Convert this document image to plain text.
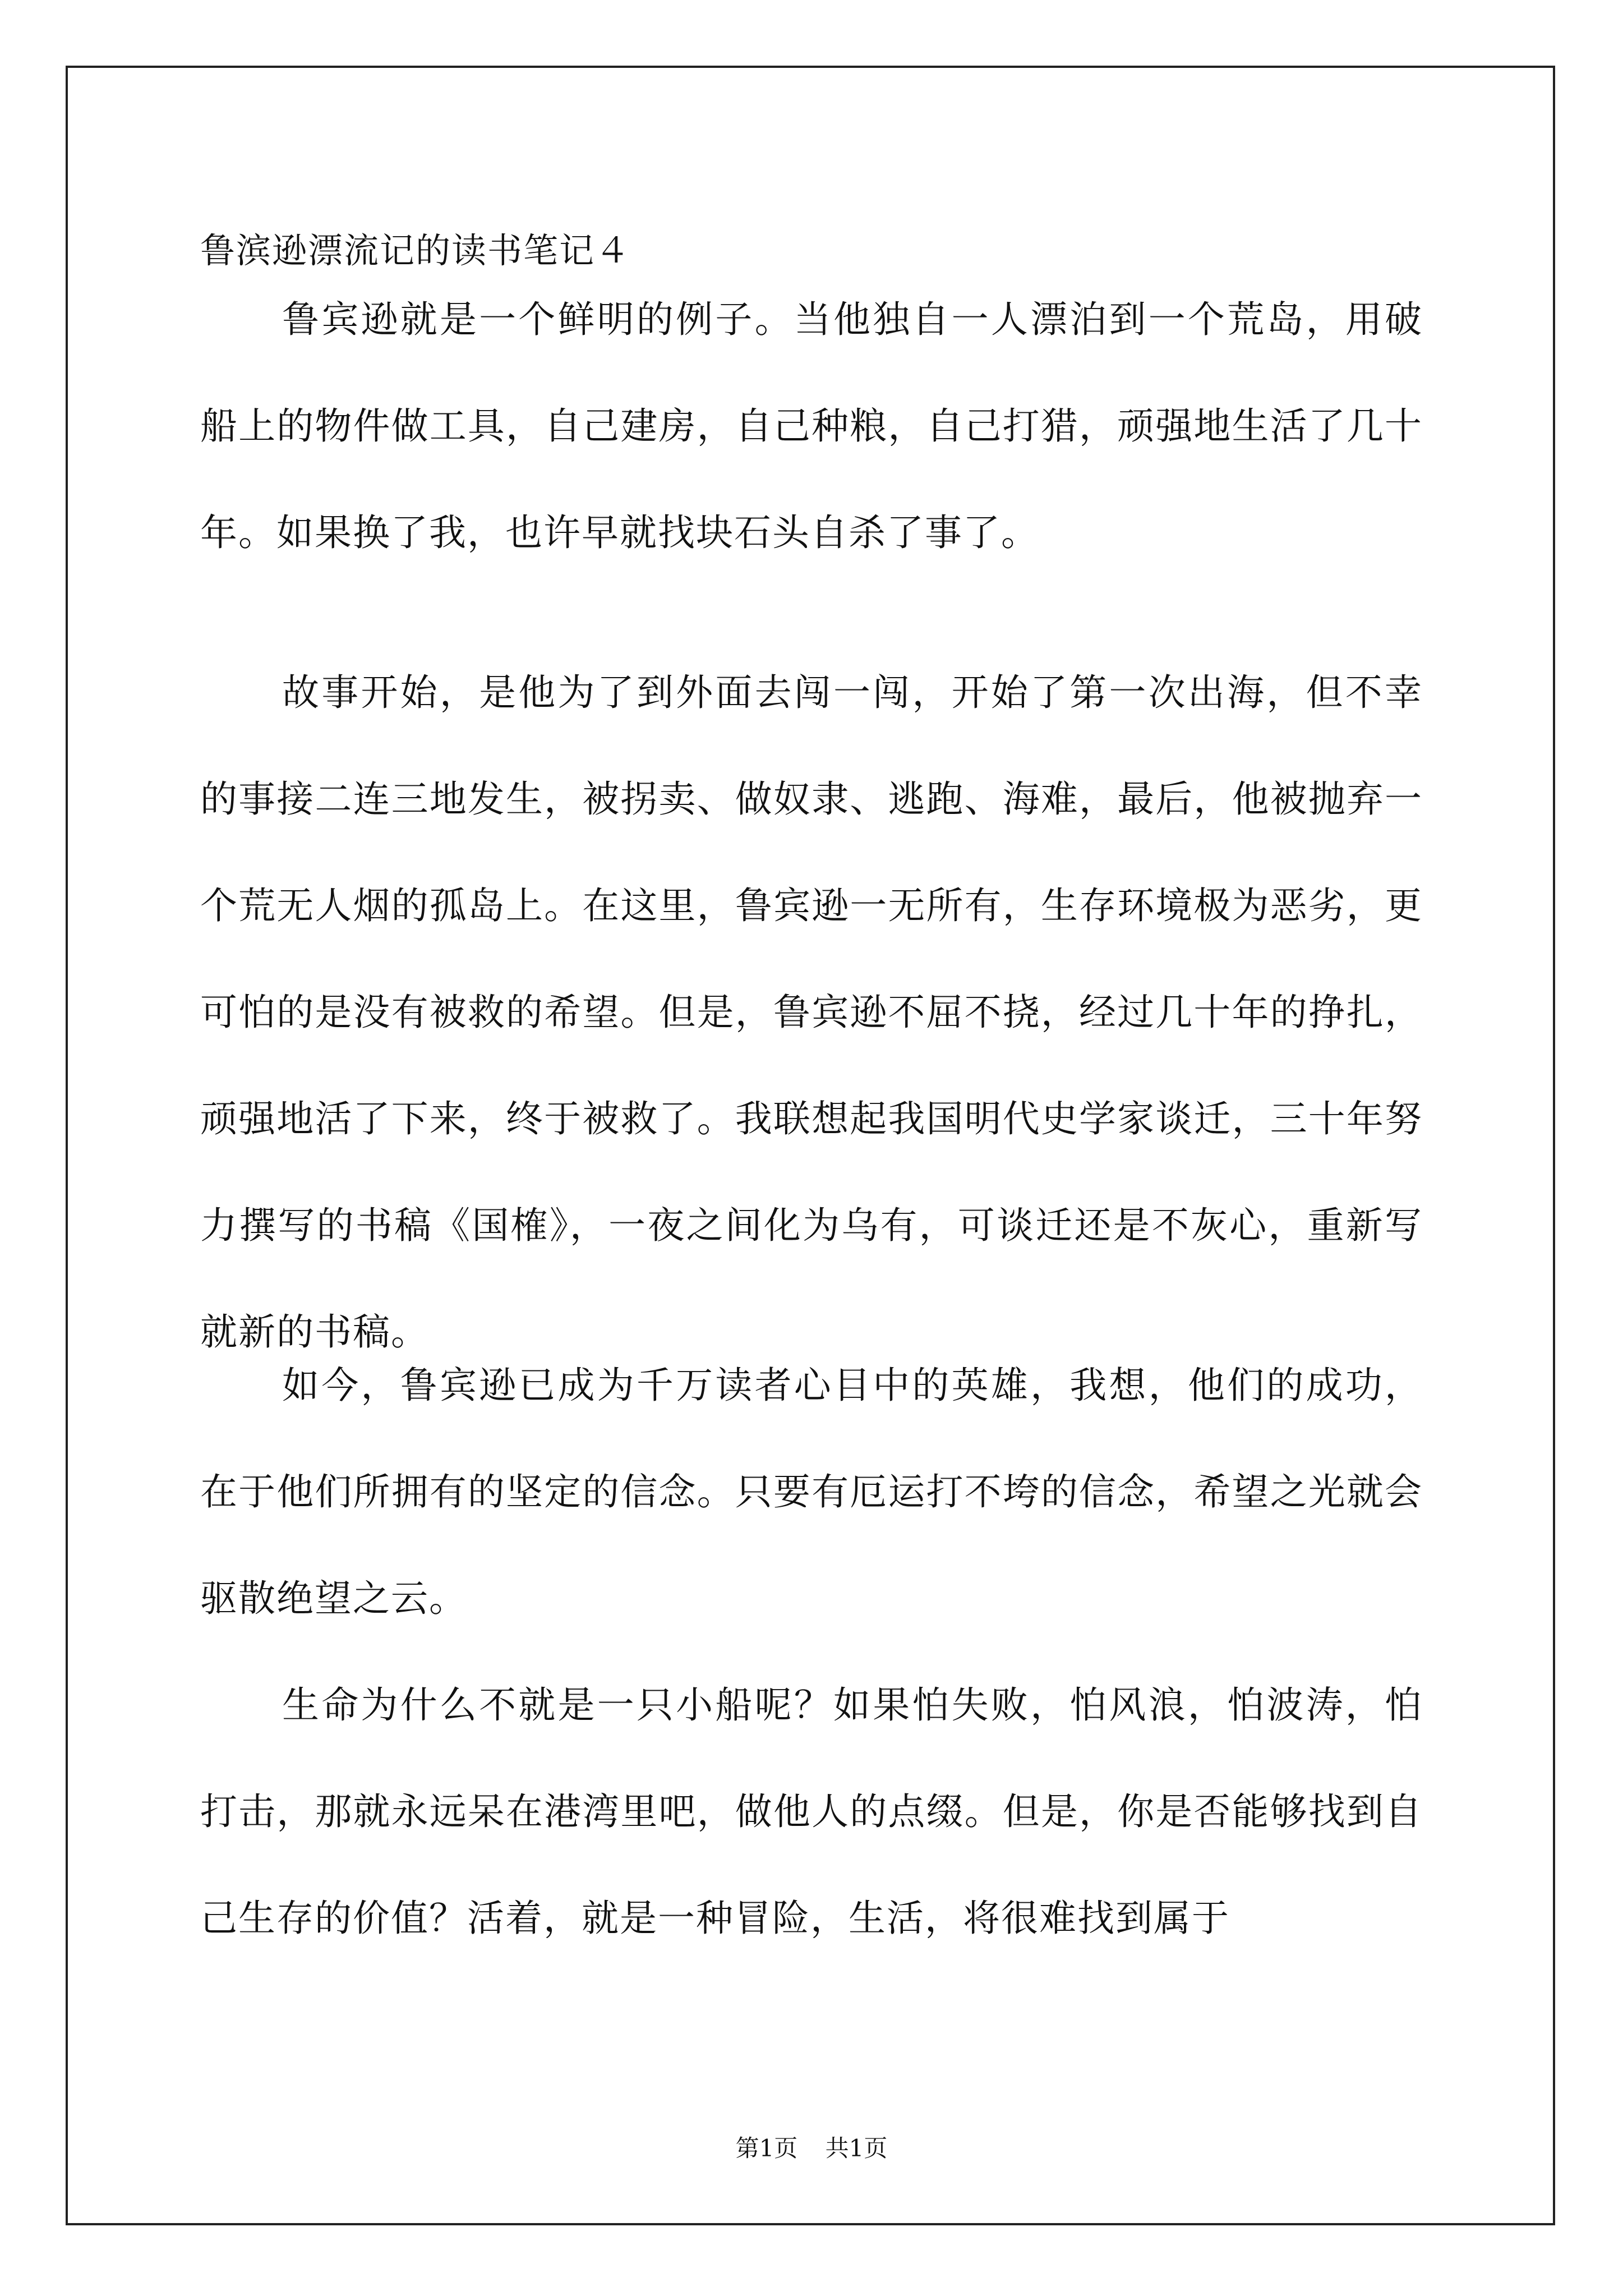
鲁滨逊漂流记的读书笔记４

鲁宾逊就是一个鲜明的例子。当他独自一人漂泊到一个荒岛，用破船上的物件做工具，自己建房，自己种粮，自己打猎，顽强地生活了几十年。如果换了我，也许早就找块石头自杀了事了。

故事开始，是他为了到外面去闯一闯，开始了第一次出海，但不幸的事接二连三地发生，被拐卖、做奴隶、逃跑、海难，最后，他被抛弃一个荒无人烟的孤岛上。在这里，鲁宾逊一无所有，生存环境极为恶劣，更可怕的是没有被救的希望。但是，鲁宾逊不屈不挠，经过几十年的挣扎，顽强地活了下来，终于被救了。我联想起我国明代史学家谈迁，三十年努力撰写的书稿《国榷》，一夜之间化为乌有，可谈迁还是不灰心，重新写就新的书稿。

如今，鲁宾逊已成为千万读者心目中的英雄，我想，他们的成功，在于他们所拥有的坚定的信念。只要有厄运打不垮的信念，希望之光就会驱散绝望之云。

生命为什么不就是一只小船呢？如果怕失败，怕风浪，怕波涛，怕打击，那就永远呆在港湾里吧，做他人的点缀。但是，你是否能够找到自己生存的价值？活着，就是一种冒险，生活，将很难找到属于

第1页 共1页
